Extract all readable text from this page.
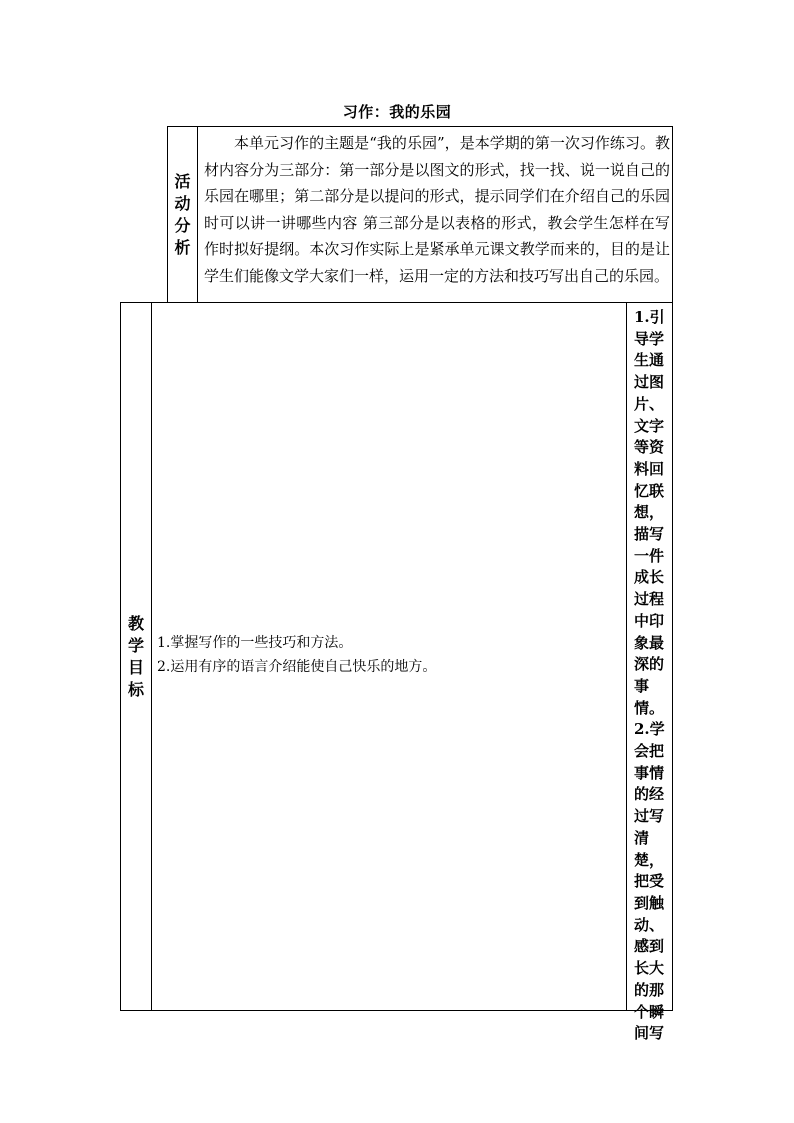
习作：我的乐园
活动分析
本单元习作的主题是“我的乐园”，是本学期的第一次习作练习。教材内容分为三部分：第一部分是以图文的形式，找一找、说一说自己的乐园在哪里；第二部分是以提问的形式，提示同学们在介绍自己的乐园时可以讲一讲哪些内容 第三部分是以表格的形式，教会学生怎样在写作时拟好提纲。本次习作实际上是紧承单元课文教学而来的，目的是让学生们能像文学大家们一样，运用一定的方法和技巧写出自己的乐园。
教学目标
1.掌握写作的一些技巧和方法。
2.运用有序的语言介绍能使自己快乐的地方。
1.引导学生通过图片、文字等资料回忆联想，描写一件成长过程中印象最深的事情。2.学会把事情的经过写清楚，把受到触动、感到长大的那个瞬间写
